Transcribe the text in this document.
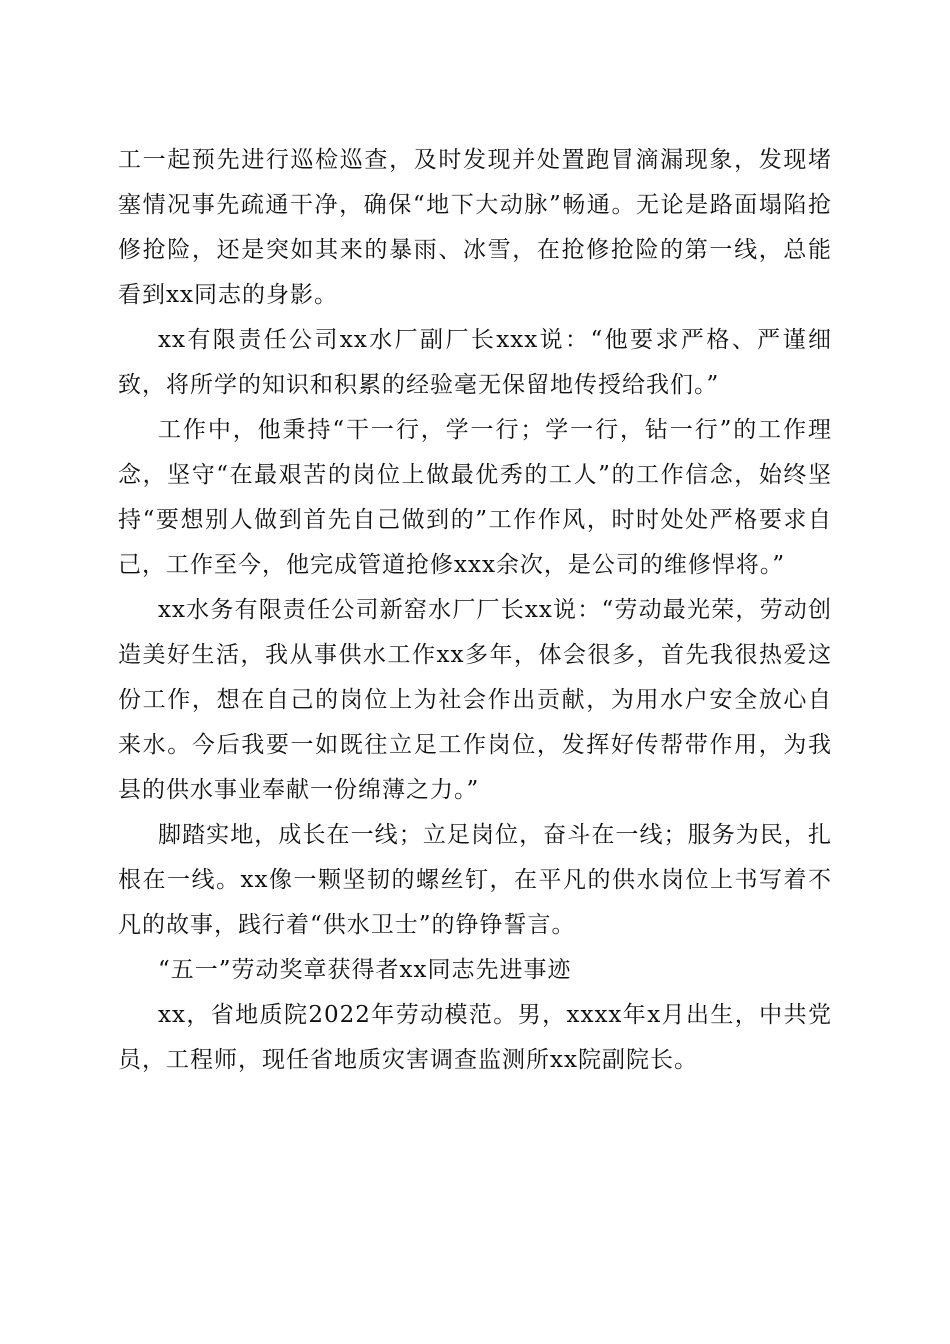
工一起预先进行巡检巡查，及时发现并处置跑冒滴漏现象，发现堵塞情况事先疏通干净，确保“地下大动脉”畅通。无论是路面塌陷抢修抢险，还是突如其来的暴雨、冰雪，在抢修抢险的第一线，总能看到xx同志的身影。

xx有限责任公司xx水厂副厂长xxx说：“他要求严格、严谨细致，将所学的知识和积累的经验毫无保留地传授给我们。”

工作中，他秉持“干一行，学一行；学一行，钻一行”的工作理念，坚守“在最艰苦的岗位上做最优秀的工人”的工作信念，始终坚持“要想别人做到首先自己做到的”工作作风，时时处处严格要求自己，工作至今，他完成管道抢修xxx余次，是公司的维修悍将。”

xx水务有限责任公司新窑水厂厂长xx说：“劳动最光荣，劳动创造美好生活，我从事供水工作xx多年，体会很多，首先我很热爱这份工作，想在自己的岗位上为社会作出贡献，为用水户安全放心自来水。今后我要一如既往立足工作岗位，发挥好传帮带作用，为我县的供水事业奉献一份绵薄之力。”

脚踏实地，成长在一线；立足岗位，奋斗在一线；服务为民，扎根在一线。xx像一颗坚韧的螺丝钉，在平凡的供水岗位上书写着不凡的故事，践行着“供水卫士”的铮铮誓言。

“五一”劳动奖章获得者xx同志先进事迹

xx，省地质院2022年劳动模范。男，xxxx年x月出生，中共党员，工程师，现任省地质灾害调查监测所xx院副院长。
